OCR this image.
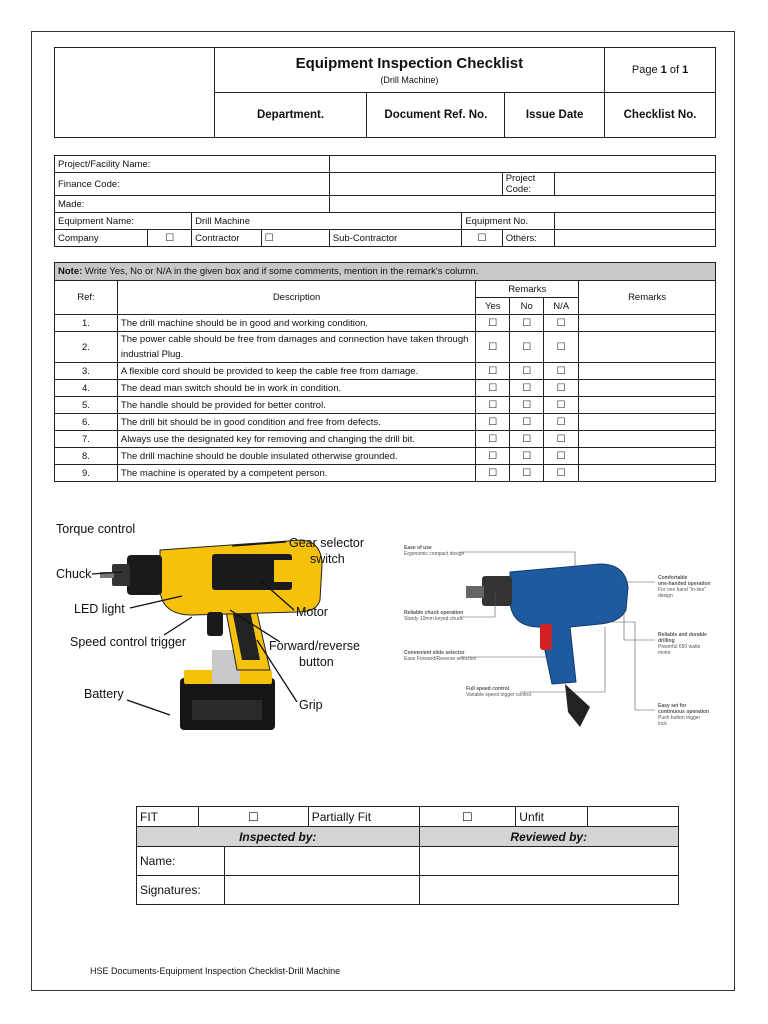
	Equipment Inspection Checklist
(Drill Machine)			Page 1 of 1
	Department.	Document Ref. No.	Issue Date	Checklist No.
Project/Facility Name:							
Finance Code:						Project Code:	
Made:							
Equipment Name:		Drill Machine			Equipment No.		
Company	☐	Contractor	☐	Sub-Contractor	☐	Others:	
Note: Write Yes, No or N/A in the given box and if some comments, mention in the remark's column.					
Ref:	Description	Remarks			Remarks
		Yes	No	N/A	
1.	The drill machine should be in good and working condition.	☐	☐	☐	
2.	The power cable should be free from damages and connection have taken through industrial Plug.	☐	☐	☐	
3.	A flexible cord should be provided to keep the cable free from damage.	☐	☐	☐	
4.	The dead man switch should be in work in condition.	☐	☐	☐	
5.	The handle should be provided for better control.	☐	☐	☐	
6.	The drill bit should be in good condition and free from defects.	☐	☐	☐	
7.	Always use the designated key for removing and changing the drill bit.	☐	☐	☐	
8.	The drill machine should be double insulated otherwise grounded.	☐	☐	☐	
9.	The machine is operated by a competent person.	☐	☐	☐	
Torque control
Gear selector
switch
Chuck
LED light	Motor
Speed control trigger	Forward/reverse
button
Battery
Grip
Ease of use
Ergonomic compact design
Reliable chuck operation
Sturdy 10mm keyed chuck
Convenient slide selector
Ease Forward/Reverse selection
Full speed control
Variable speed trigger control
Comfortable
one-handed operation
For one hand "in-line"
design
Reliable and durable
drilling
Powerful 650 watts
motor
Easy set for
continuous operation
Push button trigger
lock
FIT	☐		Partially Fit	☐	Unfit	
Inspected by:				Reviewed by:		
Name:						
Signatures:						
HSE Documents-Equipment Inspection Checklist-Drill Machine
